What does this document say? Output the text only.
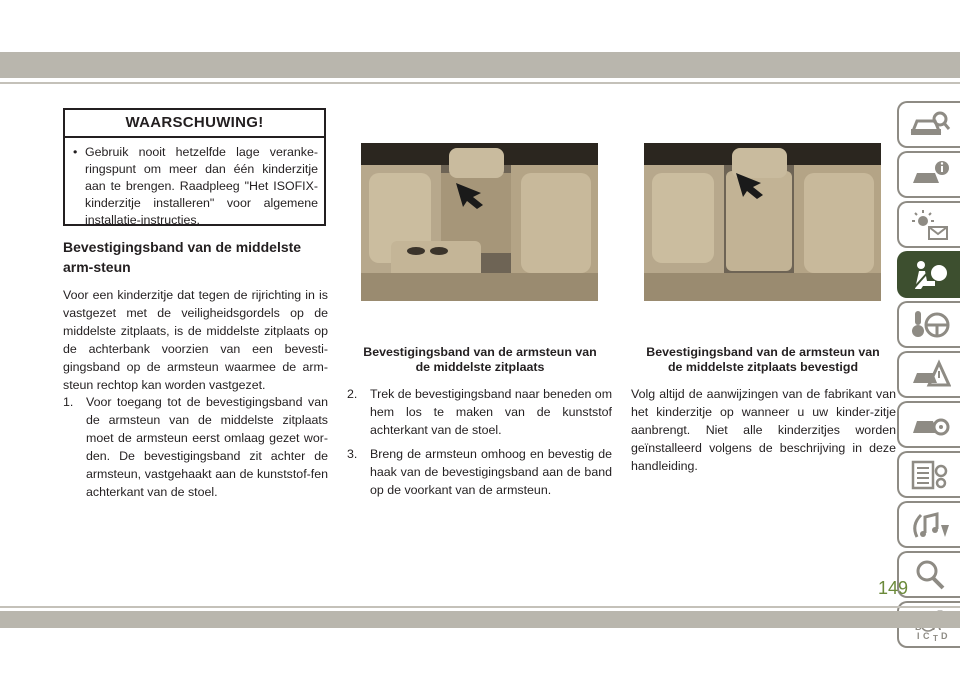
WAARSCHUWING!
• Gebruik nooit hetzelfde lage veranke-ringspunt om meer dan één kinderzitje aan te brengen. Raadpleeg "Het ISOFIX-kinderzitje installeren" voor algemene installatie-instructies.
Bevestigingsband van de middelste arm-steun
Voor een kinderzitje dat tegen de rijrichting in is vastgezet met de veiligheidsgordels op de middelste zitplaats, is de middelste zitplaats op de achterbank voorzien van een bevesti-gingsband op de armsteun waarmee de arm-steun rechtop kan worden vastgezet.
1. Voor toegang tot de bevestigingsband van de armsteun van de middelste zitplaats moet de armsteun eerst omlaag gezet wor-den. De bevestigingsband zit achter de armsteun, vastgehaakt aan de kunststof-fen achterkant van de stoel.
Bevestigingsband van de armsteun van de middelste zitplaats
Bevestigingsband van de armsteun van de middelste zitplaats bevestigd
2. Trek de bevestigingsband naar beneden om hem los te maken van de kunststof achterkant van de stoel.
3. Breng de armsteun omhoog en bevestig de haak van de bevestigingsband aan de band op de voorkant van de armsteun.
Volg altijd de aanwijzingen van de fabrikant van het kinderzitje op wanneer u uw kinder-zitje aanbrengt. Niet alle kinderzitjes worden geïnstalleerd volgens de beschrijving in deze handleiding.
C D
I T
149
